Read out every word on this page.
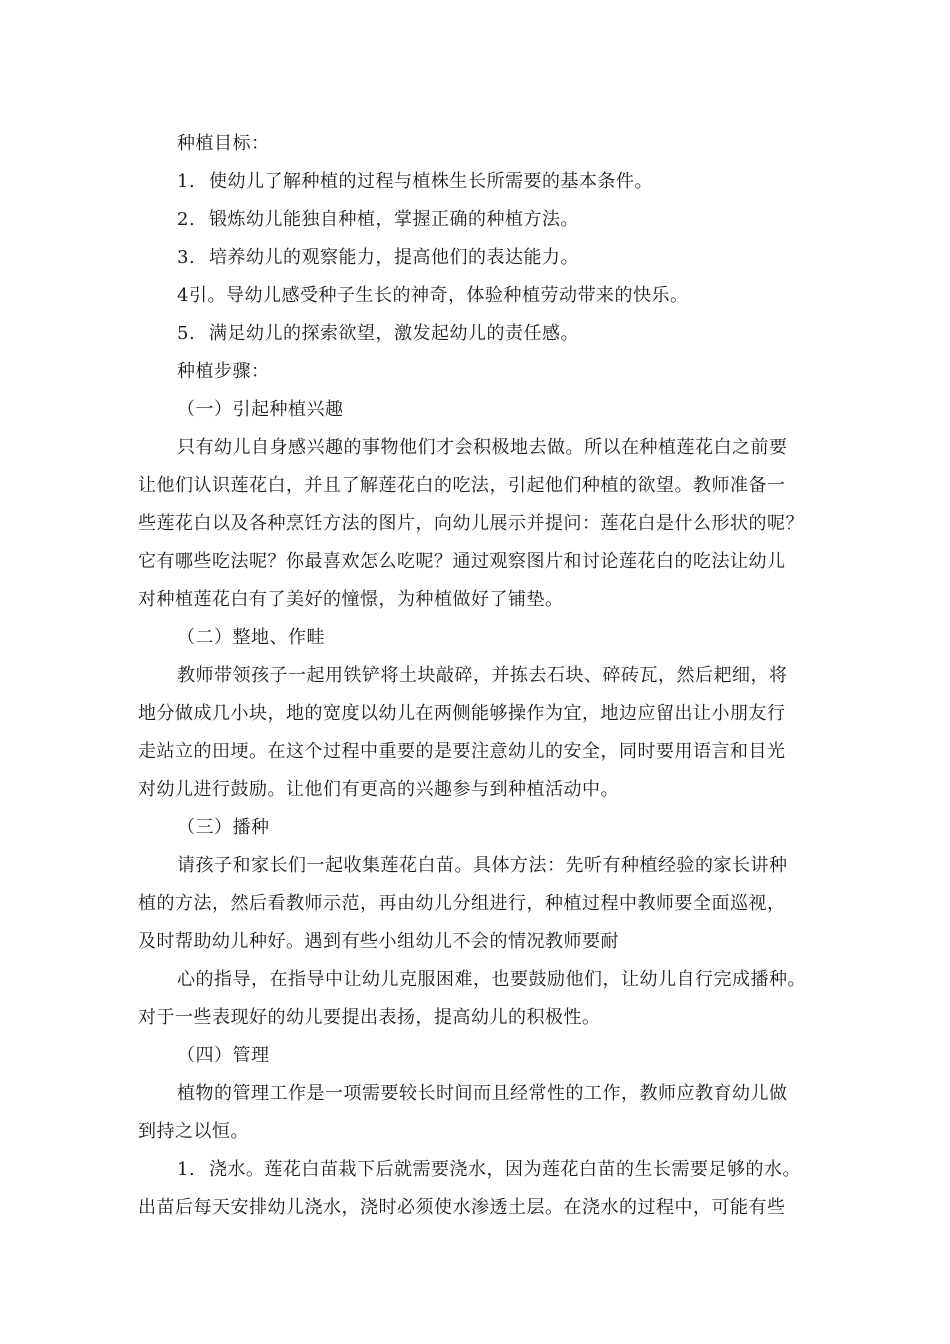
种植目标：
1. 使幼儿了解种植的过程与植株生长所需要的基本条件。
2. 锻炼幼儿能独自种植，掌握正确的种植方法。
3. 培养幼儿的观察能力，提高他们的表达能力。
4引。导幼儿感受种子生长的神奇，体验种植劳动带来的快乐。
5. 满足幼儿的探索欲望，激发起幼儿的责任感。
种植步骤：
（一）引起种植兴趣
只有幼儿自身感兴趣的事物他们才会积极地去做。所以在种植莲花白之前要
让他们认识莲花白，并且了解莲花白的吃法，引起他们种植的欲望。教师准备一
些莲花白以及各种烹饪方法的图片，向幼儿展示并提问：莲花白是什么形状的呢？
它有哪些吃法呢？你最喜欢怎么吃呢？通过观察图片和讨论莲花白的吃法让幼儿
对种植莲花白有了美好的憧憬，为种植做好了铺垫。
（二）整地、作畦
教师带领孩子一起用铁铲将土块敲碎，并拣去石块、碎砖瓦，然后耙细，将
地分做成几小块，地的宽度以幼儿在两侧能够操作为宜，地边应留出让小朋友行
走站立的田埂。在这个过程中重要的是要注意幼儿的安全，同时要用语言和目光
对幼儿进行鼓励。让他们有更高的兴趣参与到种植活动中。
（三）播种
请孩子和家长们一起收集莲花白苗。具体方法：先听有种植经验的家长讲种
植的方法，然后看教师示范，再由幼儿分组进行，种植过程中教师要全面巡视，
及时帮助幼儿种好。遇到有些小组幼儿不会的情况教师要耐
心的指导，在指导中让幼儿克服困难，也要鼓励他们，让幼儿自行完成播种。
对于一些表现好的幼儿要提出表扬，提高幼儿的积极性。
（四）管理
植物的管理工作是一项需要较长时间而且经常性的工作，教师应教育幼儿做
到持之以恒。
1. 浇水。莲花白苗栽下后就需要浇水，因为莲花白苗的生长需要足够的水。
出苗后每天安排幼儿浇水，浇时必须使水渗透土层。在浇水的过程中，可能有些
